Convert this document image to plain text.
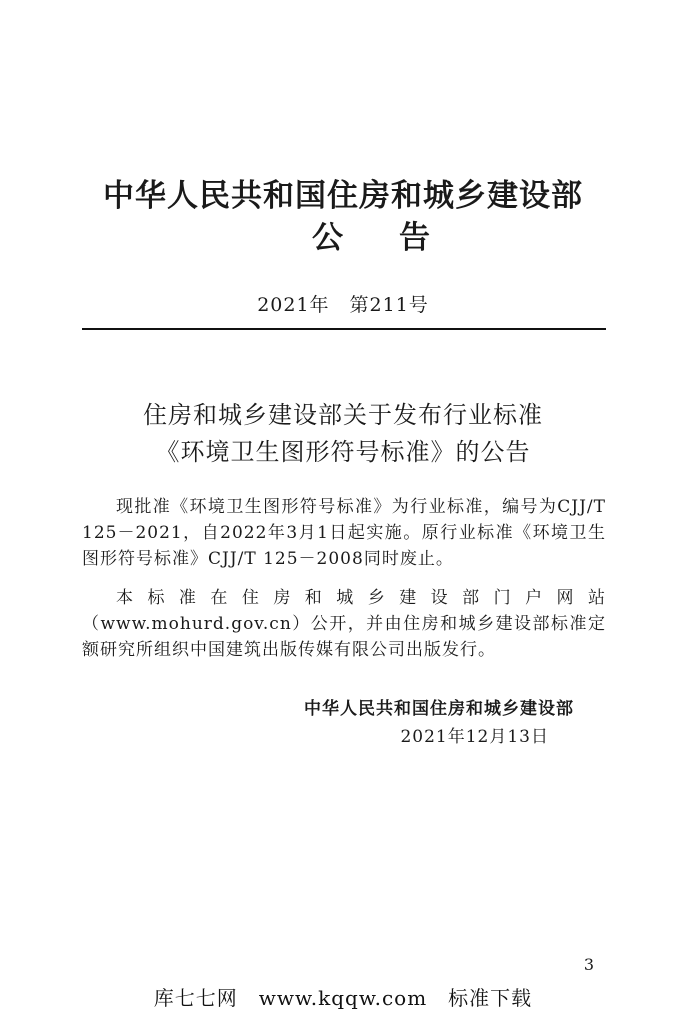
中华人民共和国住房和城乡建设部
公告
2021年　第211号
住房和城乡建设部关于发布行业标准
《环境卫生图形符号标准》的公告
现批准《环境卫生图形符号标准》为行业标准，编号为CJJ/T 125－2021，自2022年3月1日起实施。原行业标准《环境卫生图形符号标准》CJJ/T 125－2008同时废止。
本标准在住房和城乡建设部门户网站（www.mohurd.gov.cn）公开，并由住房和城乡建设部标准定额研究所组织中国建筑出版传媒有限公司出版发行。
中华人民共和国住房和城乡建设部
2021年12月13日
3
库七七网　www.kqqw.com　标准下载
